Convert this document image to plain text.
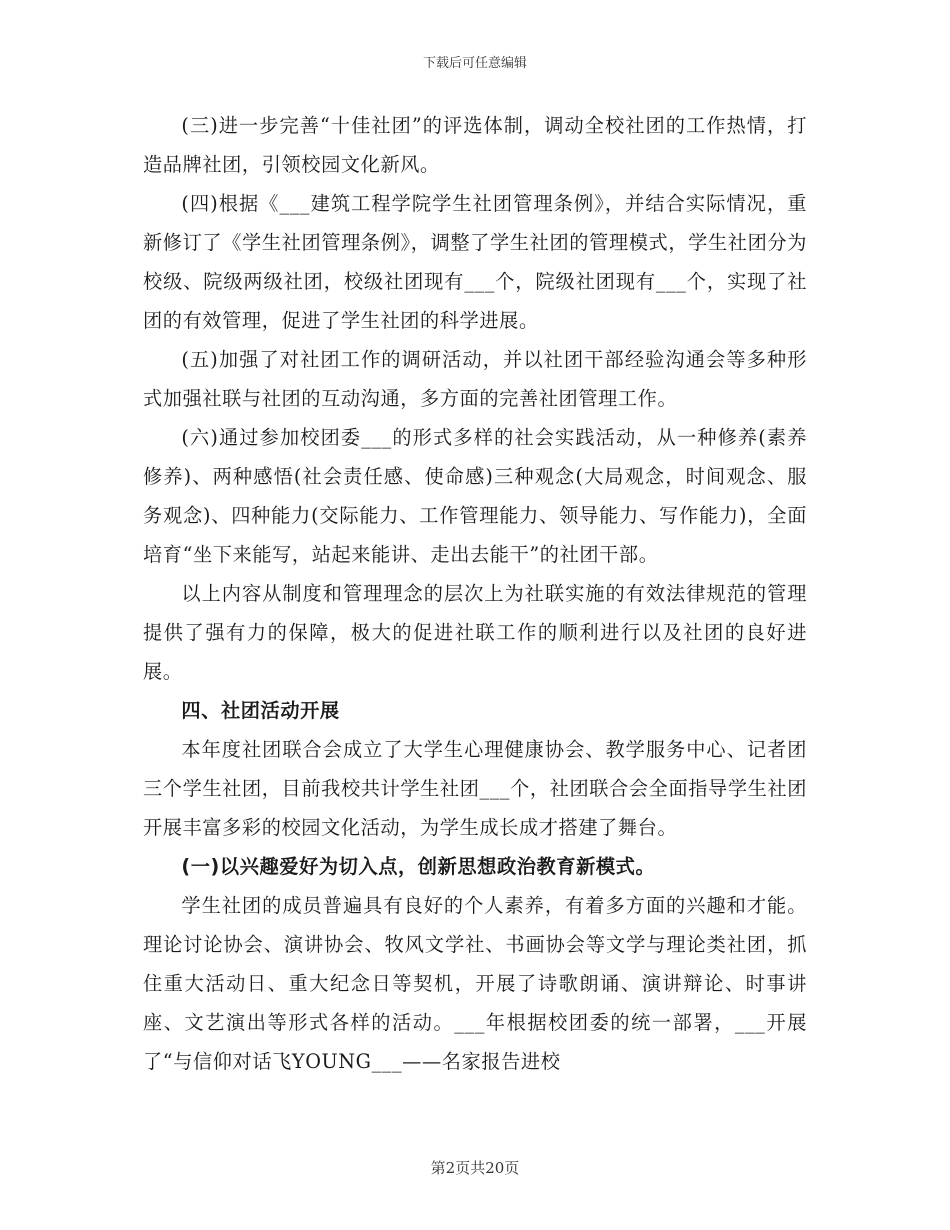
下载后可任意编辑

(三)进一步完善“十佳社团”的评选体制，调动全校社团的工作热情，打造品牌社团，引领校园文化新风。

(四)根据《___建筑工程学院学生社团管理条例》，并结合实际情况，重新修订了《学生社团管理条例》，调整了学生社团的管理模式，学生社团分为校级、院级两级社团，校级社团现有___个，院级社团现有___个，实现了社团的有效管理，促进了学生社团的科学进展。

(五)加强了对社团工作的调研活动，并以社团干部经验沟通会等多种形式加强社联与社团的互动沟通，多方面的完善社团管理工作。

(六)通过参加校团委___的形式多样的社会实践活动，从一种修养(素养修养)、两种感悟(社会责任感、使命感)三种观念(大局观念，时间观念、服务观念)、四种能力(交际能力、工作管理能力、领导能力、写作能力)，全面培育“坐下来能写，站起来能讲、走出去能干”的社团干部。

以上内容从制度和管理理念的层次上为社联实施的有效法律规范的管理提供了强有力的保障，极大的促进社联工作的顺利进行以及社团的良好进展。

四、社团活动开展

本年度社团联合会成立了大学生心理健康协会、教学服务中心、记者团三个学生社团，目前我校共计学生社团___个，社团联合会全面指导学生社团开展丰富多彩的校园文化活动，为学生成长成才搭建了舞台。

(一)以兴趣爱好为切入点，创新思想政治教育新模式。

学生社团的成员普遍具有良好的个人素养，有着多方面的兴趣和才能。理论讨论协会、演讲协会、牧风文学社、书画协会等文学与理论类社团，抓住重大活动日、重大纪念日等契机，开展了诗歌朗诵、演讲辩论、时事讲座、文艺演出等形式各样的活动。___年根据校团委的统一部署，___开展了“与信仰对话飞YOUNG___——名家报告进校

第2页共20页
